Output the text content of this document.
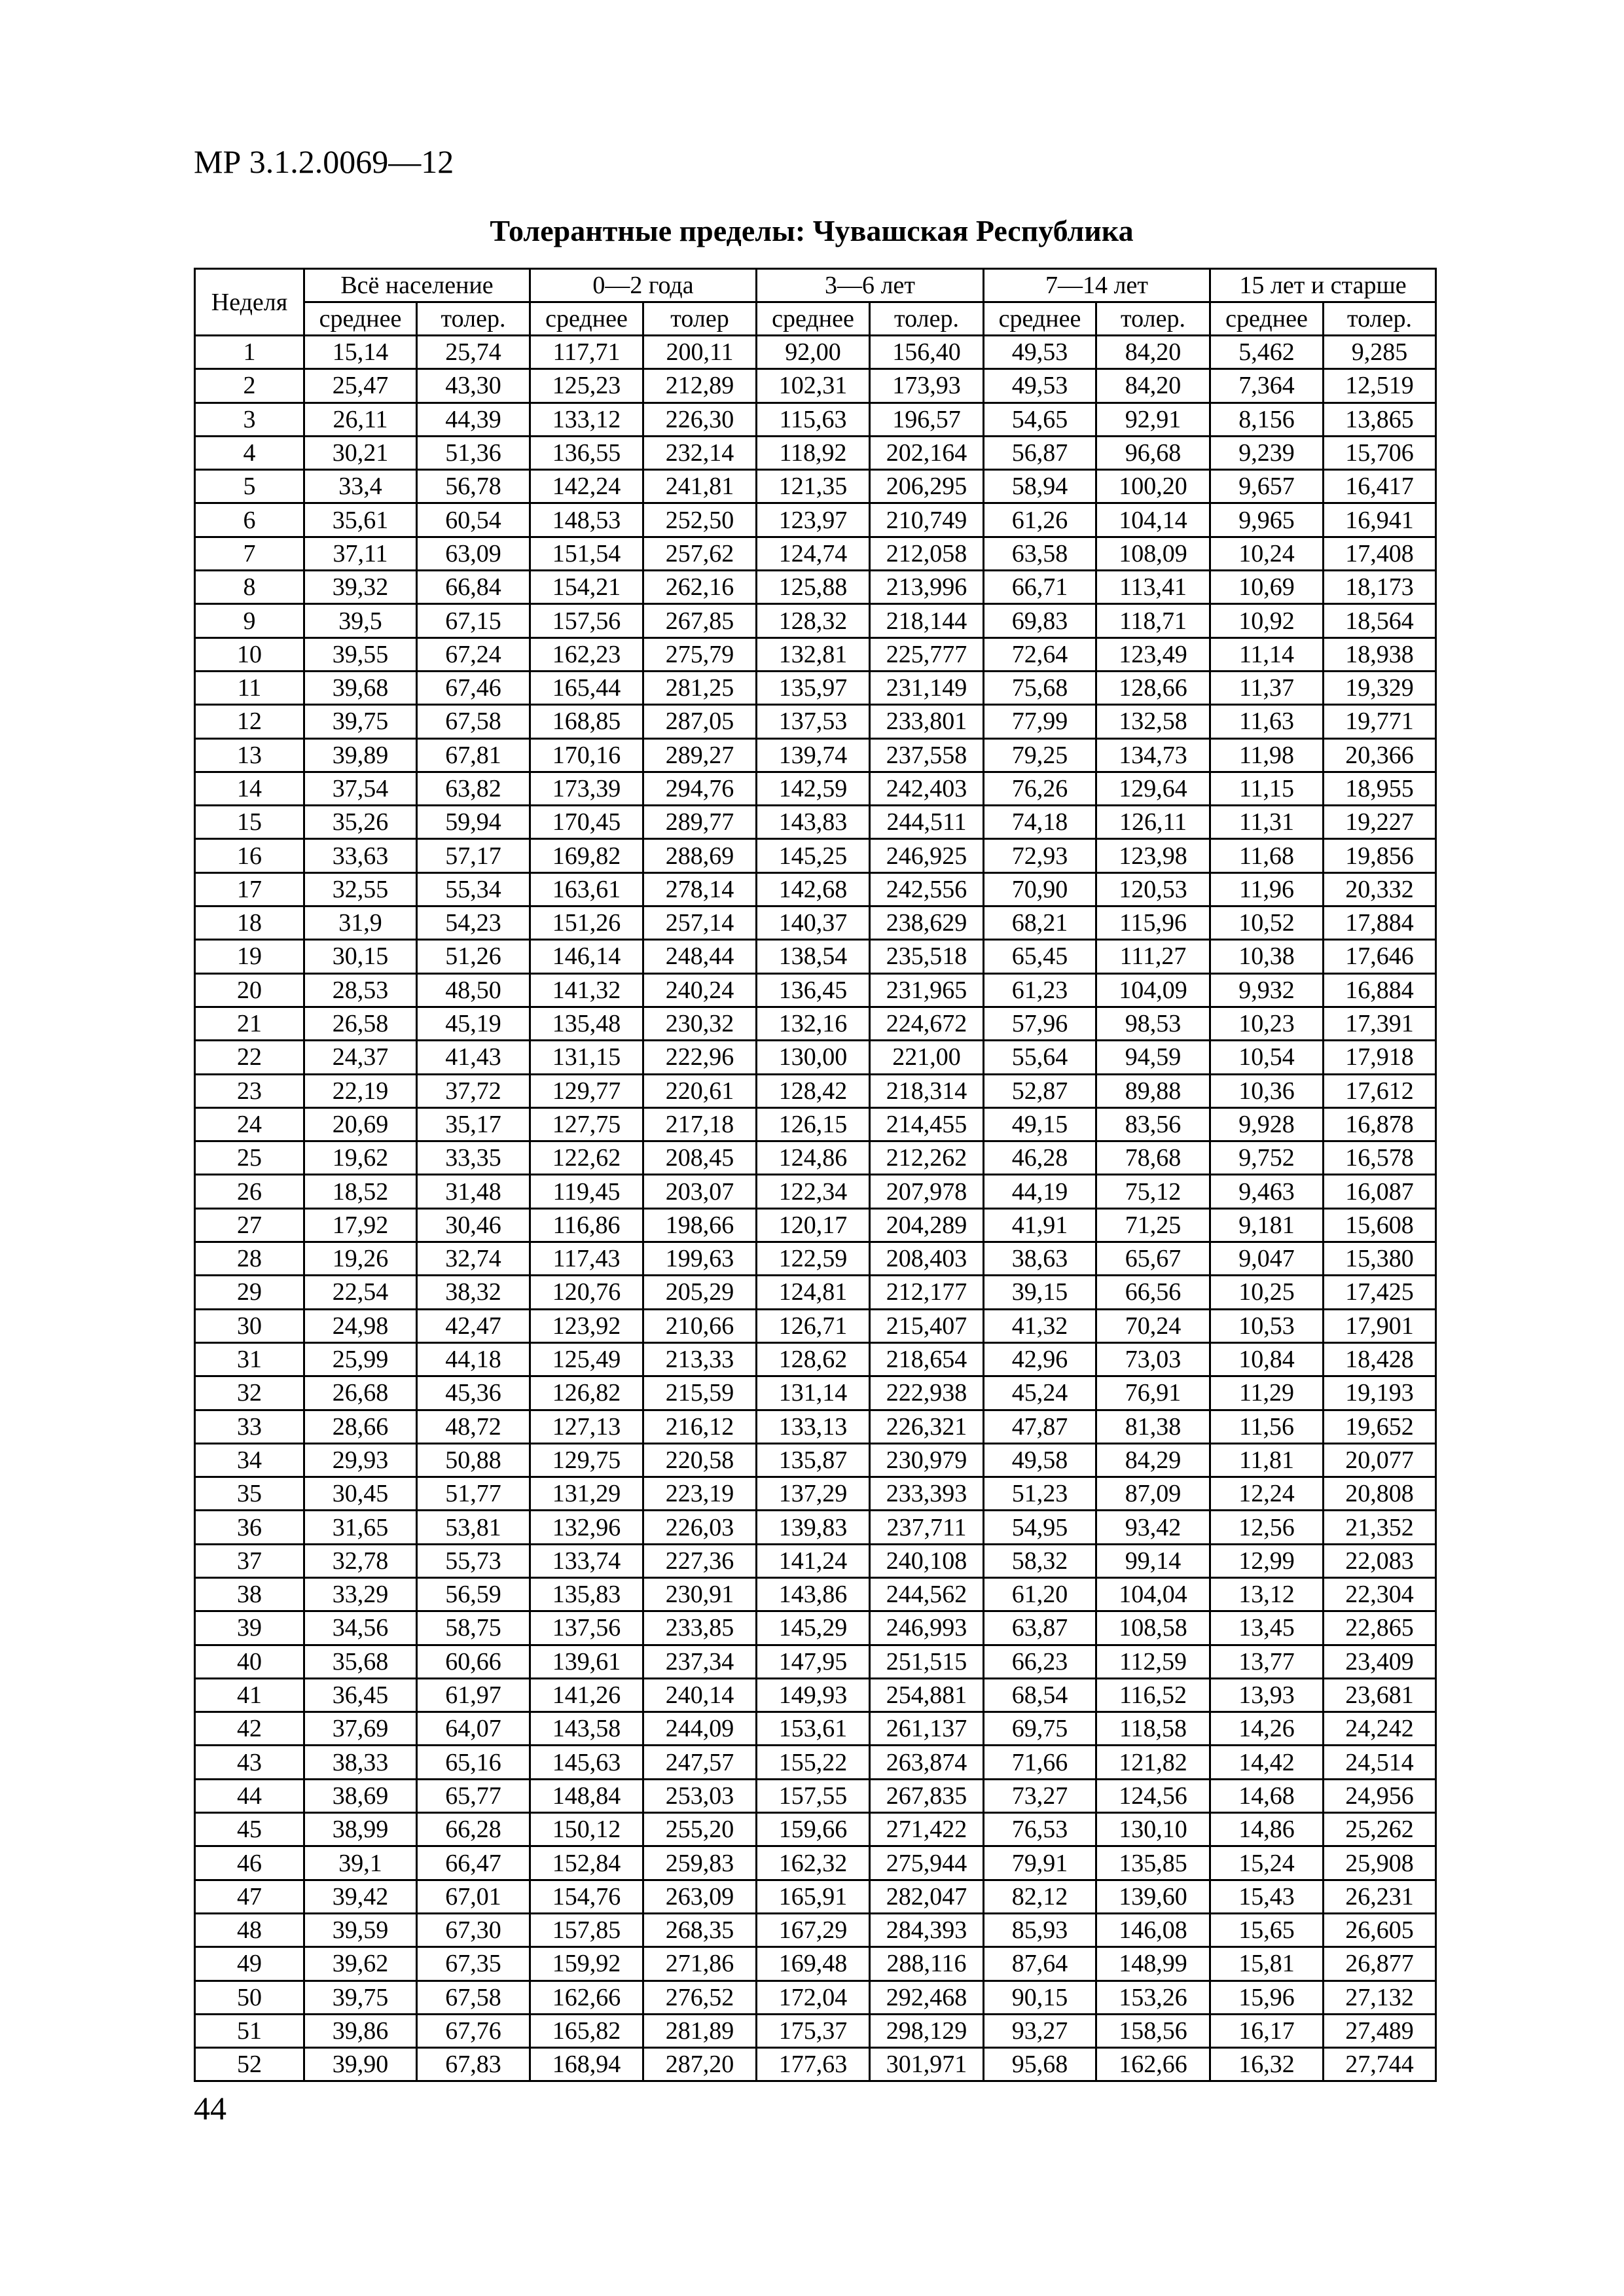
МР 3.1.2.0069—12
Толерантные пределы: Чувашская Республика
Неделя	Всё население		0—2 года		3—6 лет		7—14 лет		15 лет и старше	
	среднее	толер.	среднее	толер	среднее	толер.	среднее	толер.	среднее	толер.
1	15,14	25,74	117,71	200,11	92,00	156,40	49,53	84,20	5,462	9,285
2	25,47	43,30	125,23	212,89	102,31	173,93	49,53	84,20	7,364	12,519
3	26,11	44,39	133,12	226,30	115,63	196,57	54,65	92,91	8,156	13,865
4	30,21	51,36	136,55	232,14	118,92	202,164	56,87	96,68	9,239	15,706
5	33,4	56,78	142,24	241,81	121,35	206,295	58,94	100,20	9,657	16,417
6	35,61	60,54	148,53	252,50	123,97	210,749	61,26	104,14	9,965	16,941
7	37,11	63,09	151,54	257,62	124,74	212,058	63,58	108,09	10,24	17,408
8	39,32	66,84	154,21	262,16	125,88	213,996	66,71	113,41	10,69	18,173
9	39,5	67,15	157,56	267,85	128,32	218,144	69,83	118,71	10,92	18,564
10	39,55	67,24	162,23	275,79	132,81	225,777	72,64	123,49	11,14	18,938
11	39,68	67,46	165,44	281,25	135,97	231,149	75,68	128,66	11,37	19,329
12	39,75	67,58	168,85	287,05	137,53	233,801	77,99	132,58	11,63	19,771
13	39,89	67,81	170,16	289,27	139,74	237,558	79,25	134,73	11,98	20,366
14	37,54	63,82	173,39	294,76	142,59	242,403	76,26	129,64	11,15	18,955
15	35,26	59,94	170,45	289,77	143,83	244,511	74,18	126,11	11,31	19,227
16	33,63	57,17	169,82	288,69	145,25	246,925	72,93	123,98	11,68	19,856
17	32,55	55,34	163,61	278,14	142,68	242,556	70,90	120,53	11,96	20,332
18	31,9	54,23	151,26	257,14	140,37	238,629	68,21	115,96	10,52	17,884
19	30,15	51,26	146,14	248,44	138,54	235,518	65,45	111,27	10,38	17,646
20	28,53	48,50	141,32	240,24	136,45	231,965	61,23	104,09	9,932	16,884
21	26,58	45,19	135,48	230,32	132,16	224,672	57,96	98,53	10,23	17,391
22	24,37	41,43	131,15	222,96	130,00	221,00	55,64	94,59	10,54	17,918
23	22,19	37,72	129,77	220,61	128,42	218,314	52,87	89,88	10,36	17,612
24	20,69	35,17	127,75	217,18	126,15	214,455	49,15	83,56	9,928	16,878
25	19,62	33,35	122,62	208,45	124,86	212,262	46,28	78,68	9,752	16,578
26	18,52	31,48	119,45	203,07	122,34	207,978	44,19	75,12	9,463	16,087
27	17,92	30,46	116,86	198,66	120,17	204,289	41,91	71,25	9,181	15,608
28	19,26	32,74	117,43	199,63	122,59	208,403	38,63	65,67	9,047	15,380
29	22,54	38,32	120,76	205,29	124,81	212,177	39,15	66,56	10,25	17,425
30	24,98	42,47	123,92	210,66	126,71	215,407	41,32	70,24	10,53	17,901
31	25,99	44,18	125,49	213,33	128,62	218,654	42,96	73,03	10,84	18,428
32	26,68	45,36	126,82	215,59	131,14	222,938	45,24	76,91	11,29	19,193
33	28,66	48,72	127,13	216,12	133,13	226,321	47,87	81,38	11,56	19,652
34	29,93	50,88	129,75	220,58	135,87	230,979	49,58	84,29	11,81	20,077
35	30,45	51,77	131,29	223,19	137,29	233,393	51,23	87,09	12,24	20,808
36	31,65	53,81	132,96	226,03	139,83	237,711	54,95	93,42	12,56	21,352
37	32,78	55,73	133,74	227,36	141,24	240,108	58,32	99,14	12,99	22,083
38	33,29	56,59	135,83	230,91	143,86	244,562	61,20	104,04	13,12	22,304
39	34,56	58,75	137,56	233,85	145,29	246,993	63,87	108,58	13,45	22,865
40	35,68	60,66	139,61	237,34	147,95	251,515	66,23	112,59	13,77	23,409
41	36,45	61,97	141,26	240,14	149,93	254,881	68,54	116,52	13,93	23,681
42	37,69	64,07	143,58	244,09	153,61	261,137	69,75	118,58	14,26	24,242
43	38,33	65,16	145,63	247,57	155,22	263,874	71,66	121,82	14,42	24,514
44	38,69	65,77	148,84	253,03	157,55	267,835	73,27	124,56	14,68	24,956
45	38,99	66,28	150,12	255,20	159,66	271,422	76,53	130,10	14,86	25,262
46	39,1	66,47	152,84	259,83	162,32	275,944	79,91	135,85	15,24	25,908
47	39,42	67,01	154,76	263,09	165,91	282,047	82,12	139,60	15,43	26,231
48	39,59	67,30	157,85	268,35	167,29	284,393	85,93	146,08	15,65	26,605
49	39,62	67,35	159,92	271,86	169,48	288,116	87,64	148,99	15,81	26,877
50	39,75	67,58	162,66	276,52	172,04	292,468	90,15	153,26	15,96	27,132
51	39,86	67,76	165,82	281,89	175,37	298,129	93,27	158,56	16,17	27,489
52	39,90	67,83	168,94	287,20	177,63	301,971	95,68	162,66	16,32	27,744
44
